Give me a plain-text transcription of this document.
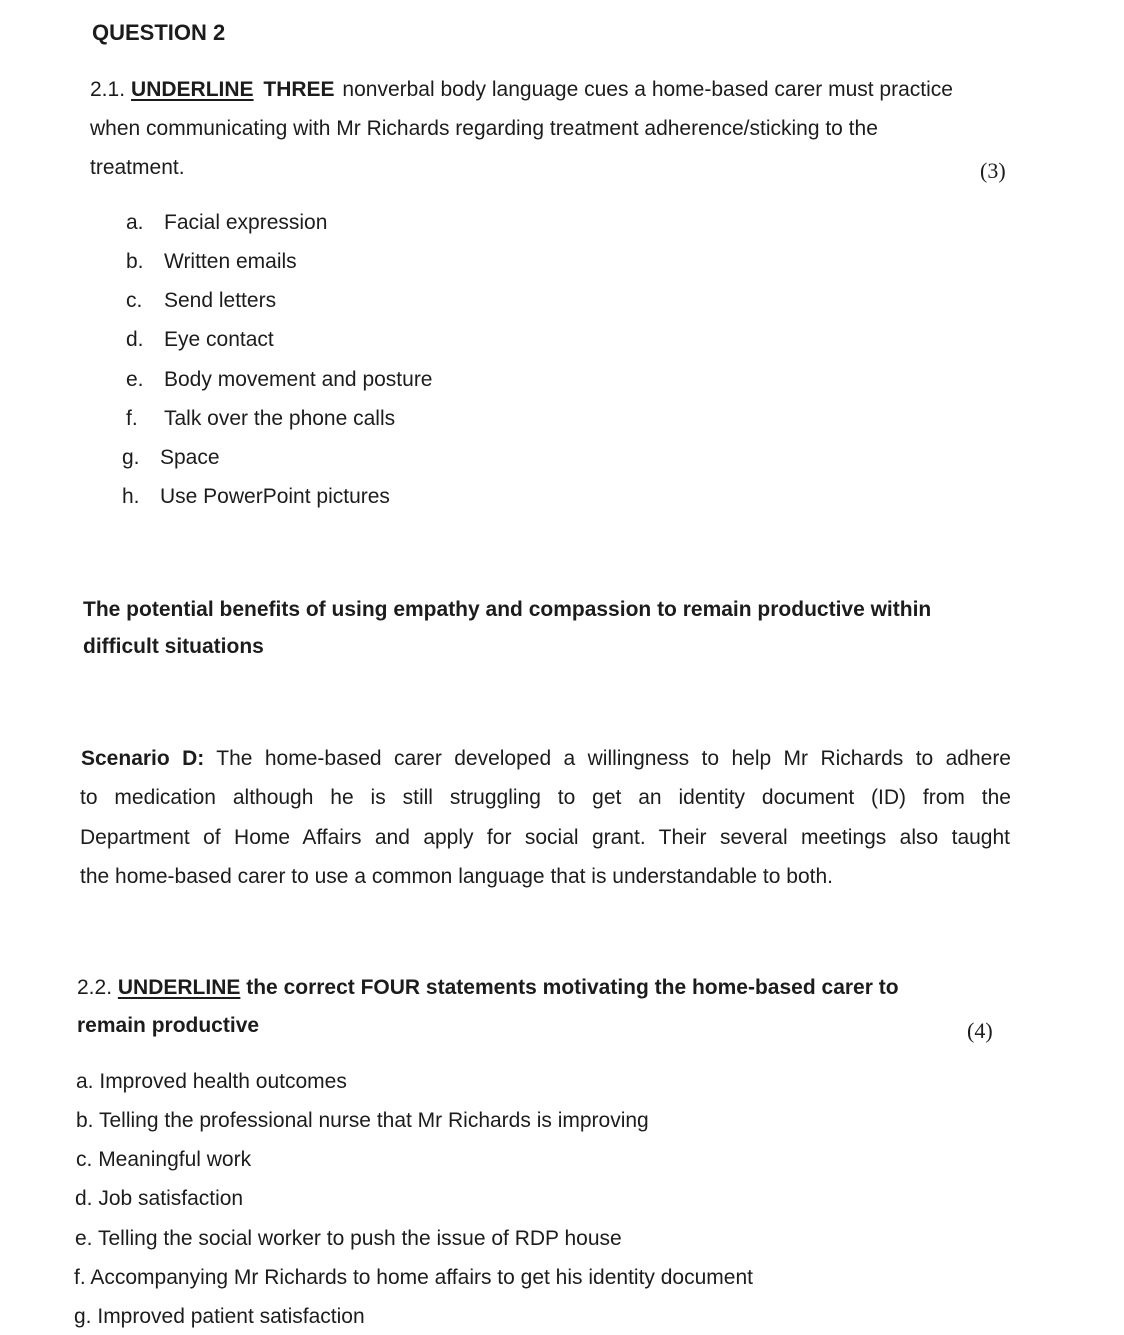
QUESTION 2
2.1. UNDERLINE THREE nonverbal body language cues a home-based carer must practice
when communicating with Mr Richards regarding treatment adherence/sticking to the
treatment.	(3)
a. Facial expression
b. Written emails
c. Send letters
d. Eye contact
e. Body movement and posture
f. Talk over the phone calls
g. Space
h. Use PowerPoint pictures
The potential benefits of using empathy and compassion to remain productive within
difficult situations
Scenario D: The home-based carer developed a willingness to help Mr Richards to adhere
to medication although he is still struggling to get an identity document (ID) from the
Department of Home Affairs and apply for social grant. Their several meetings also taught
the home-based carer to use a common language that is understandable to both.
2.2. UNDERLINE the correct FOUR statements motivating the home-based carer to
remain productive	(4)
a. Improved health outcomes
b. Telling the professional nurse that Mr Richards is improving
c. Meaningful work
d. Job satisfaction
e. Telling the social worker to push the issue of RDP house
f. Accompanying Mr Richards to home affairs to get his identity document
g. Improved patient satisfaction
